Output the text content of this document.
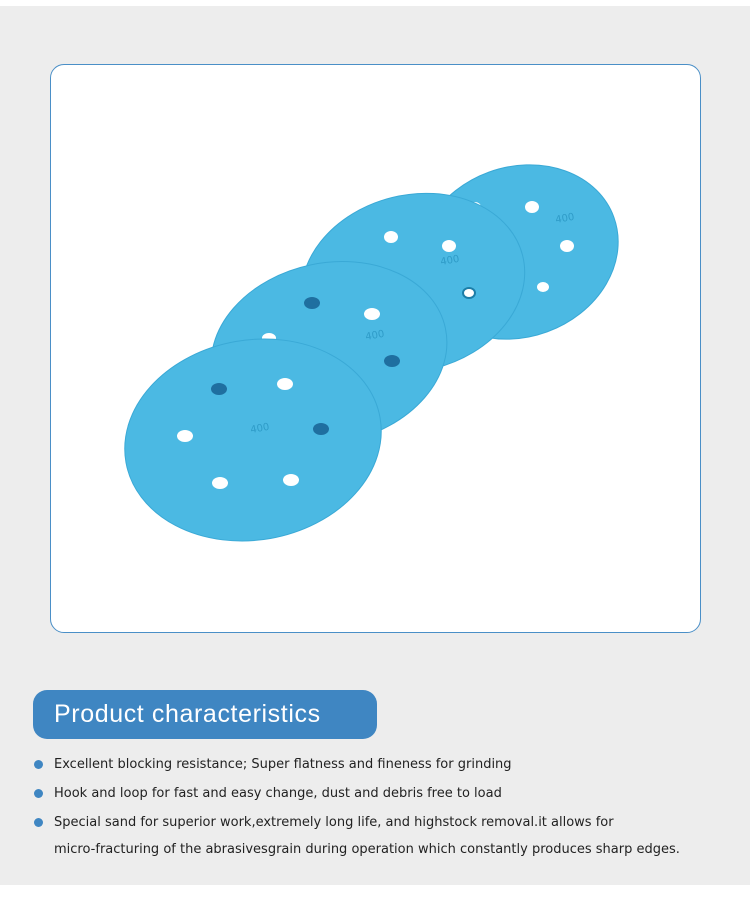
400
400
400
400
Product characteristics
Excellent blocking resistance; Super flatness and fineness for grinding
Hook and loop for fast and easy change, dust and debris free to load
Special sand for superior work,extremely long life, and highstock removal.it allows for
micro-fracturing of the abrasivesgrain during operation which constantly produces sharp edges.
